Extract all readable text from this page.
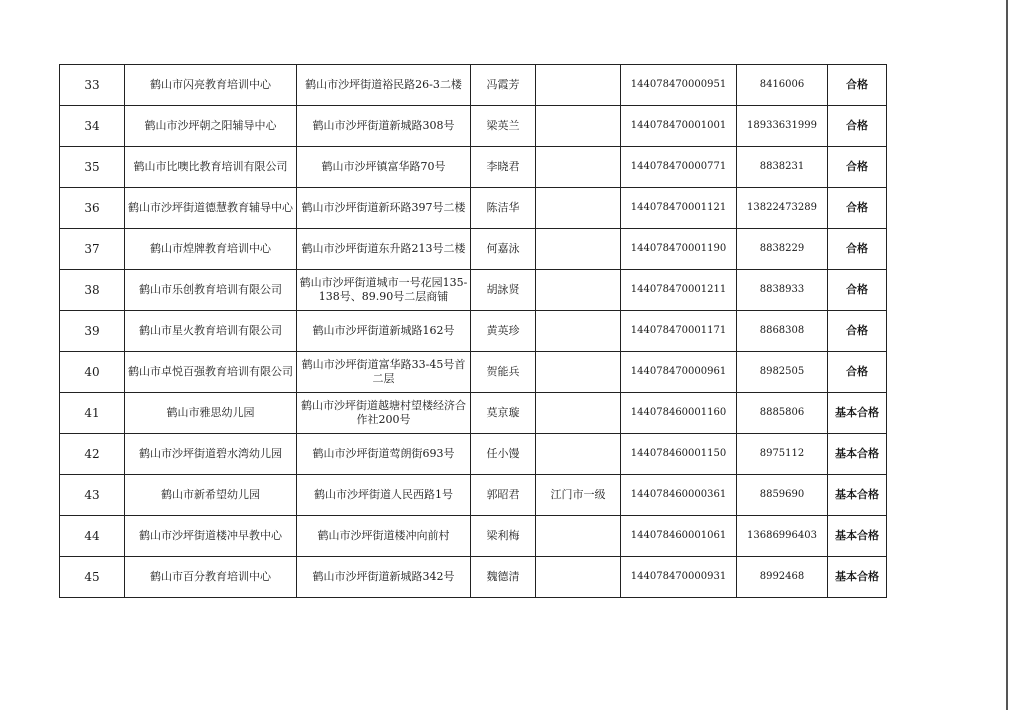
33	鹤山市闪亮教育培训中心	鹤山市沙坪街道裕民路26-3二楼	冯霞芳		144078470000951	8416006	合格
34	鹤山市沙坪朝之阳辅导中心	鹤山市沙坪街道新城路308号	梁英兰		144078470001001	18933631999	合格
35	鹤山市比噢比教育培训有限公司	鹤山市沙坪镇富华路70号	李晓君		144078470000771	8838231	合格
36	鹤山市沙坪街道德慧教育辅导中心	鹤山市沙坪街道新环路397号二楼	陈洁华		144078470001121	13822473289	合格
37	鹤山市煌牌教育培训中心	鹤山市沙坪街道东升路213号二楼	何嘉泳		144078470001190	8838229	合格
38	鹤山市乐创教育培训有限公司	鹤山市沙坪街道城市一号花园135-138号、89.90号二层商铺	胡詠贤		144078470001211	8838933	合格
39	鹤山市星火教育培训有限公司	鹤山市沙坪街道新城路162号	黄英珍		144078470001171	8868308	合格
40	鹤山市卓悦百强教育培训有限公司	鹤山市沙坪街道富华路33-45号首二层	贺能兵		144078470000961	8982505	合格
41	鹤山市雅思幼儿园	鹤山市沙坪街道越塘村望楼经济合作社200号	莫京璇		144078460001160	8885806	基本合格
42	鹤山市沙坪街道碧水湾幼儿园	鹤山市沙坪街道莺朗街693号	任小馒		144078460001150	8975112	基本合格
43	鹤山市新希望幼儿园	鹤山市沙坪街道人民西路1号	郭昭君	江门市一级	144078460000361	8859690	基本合格
44	鹤山市沙坪街道楼冲早教中心	鹤山市沙坪街道楼冲向前村	梁利梅		144078460001061	13686996403	基本合格
45	鹤山市百分教育培训中心	鹤山市沙坪街道新城路342号	魏德清		144078470000931	8992468	基本合格
